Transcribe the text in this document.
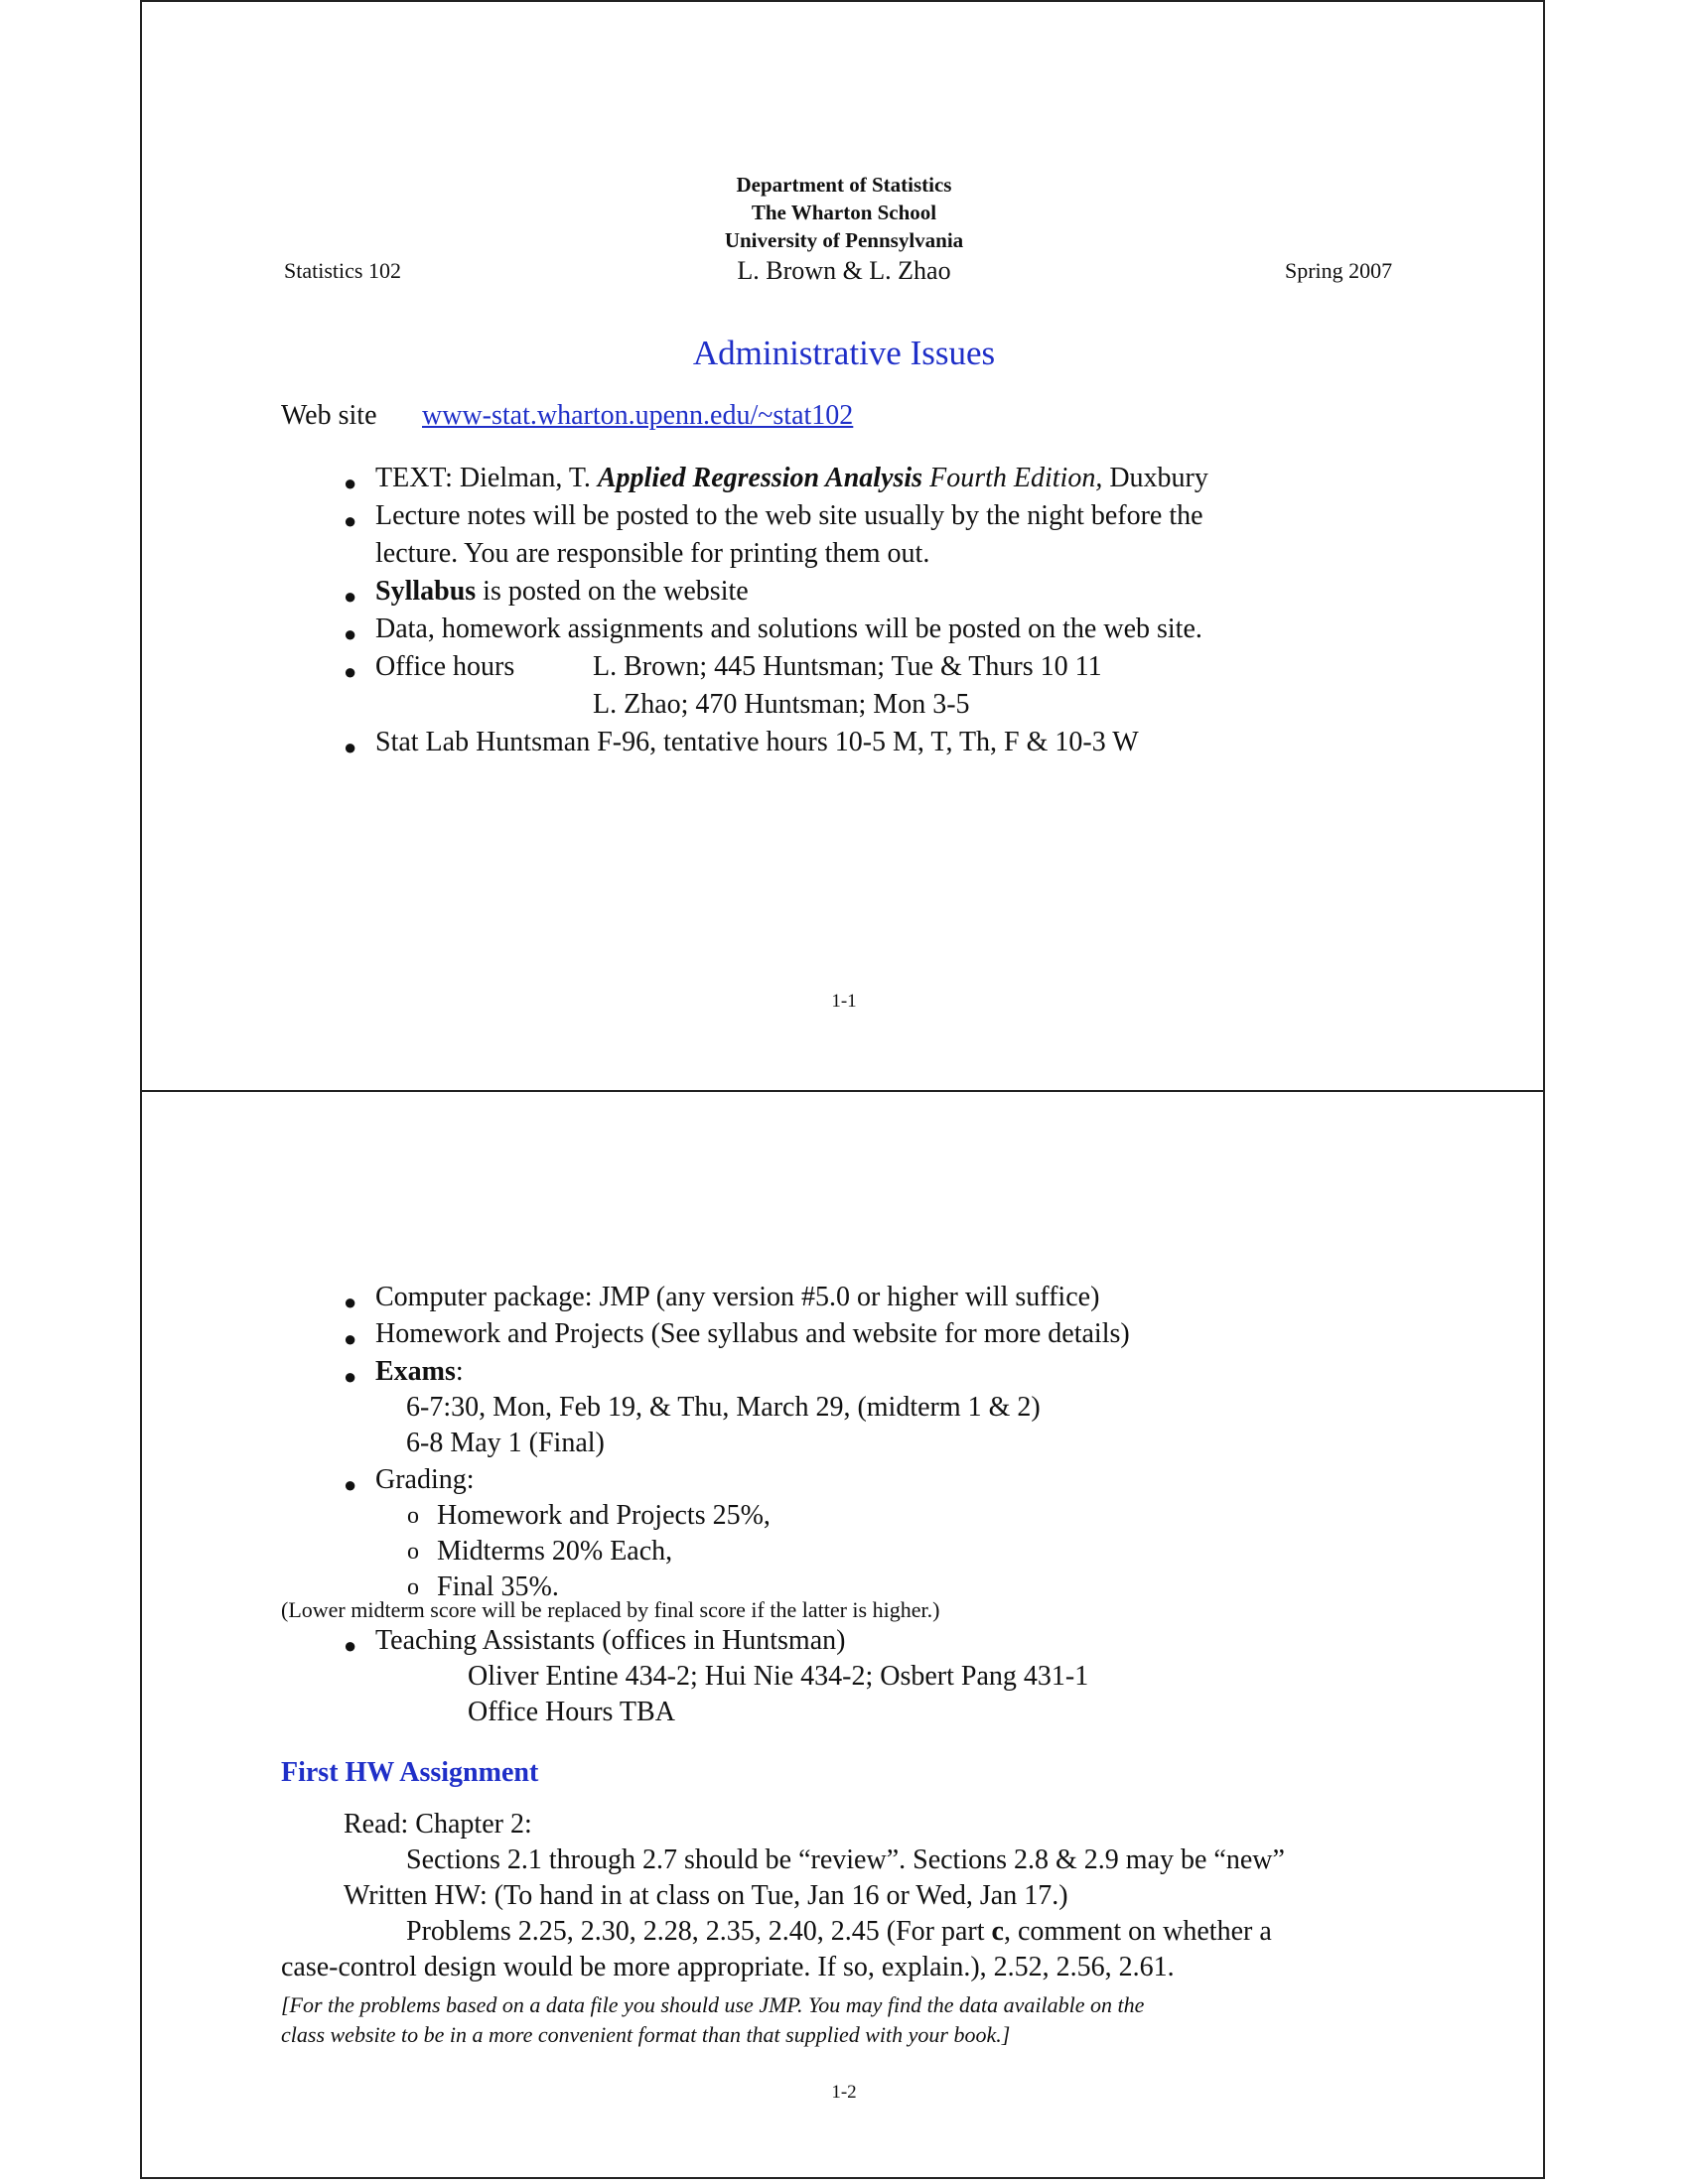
Department of Statistics
The Wharton School
University of Pennsylvania
Statistics 102	L. Brown & L. Zhao	Spring 2007
Administrative Issues
Web site www-stat.wharton.upenn.edu/~stat102
● TEXT: Dielman, T. Applied Regression Analysis Fourth Edition, Duxbury
● Lecture notes will be posted to the web site usually by the night before the
lecture. You are responsible for printing them out.
● Syllabus is posted on the website
● Data, homework assignments and solutions will be posted on the web site.
● Office hours	L. Brown; 445 Huntsman; Tue & Thurs 10 11
L. Zhao; 470 Huntsman; Mon 3-5
● Stat Lab Huntsman F-96, tentative hours 10-5 M, T, Th, F & 10-3 W
1-1
● Computer package: JMP (any version #5.0 or higher will suffice)
● Homework and Projects (See syllabus and website for more details)
● Exams:
6-7:30, Mon, Feb 19, & Thu, March 29, (midterm 1 & 2)
6-8 May 1 (Final)
● Grading:
o Homework and Projects 25%,
o Midterms 20% Each,
o Final 35%.
(Lower midterm score will be replaced by final score if the latter is higher.)
● Teaching Assistants (offices in Huntsman)
Oliver Entine 434-2; Hui Nie 434-2; Osbert Pang 431-1
Office Hours TBA
First HW Assignment
Read: Chapter 2:
Sections 2.1 through 2.7 should be “review”. Sections 2.8 & 2.9 may be “new”
Written HW: (To hand in at class on Tue, Jan 16 or Wed, Jan 17.)
Problems 2.25, 2.30, 2.28, 2.35, 2.40, 2.45 (For part c, comment on whether a
case-control design would be more appropriate. If so, explain.), 2.52, 2.56, 2.61.
[For the problems based on a data file you should use JMP. You may find the data available on the
class website to be in a more convenient format than that supplied with your book.]
1-2
